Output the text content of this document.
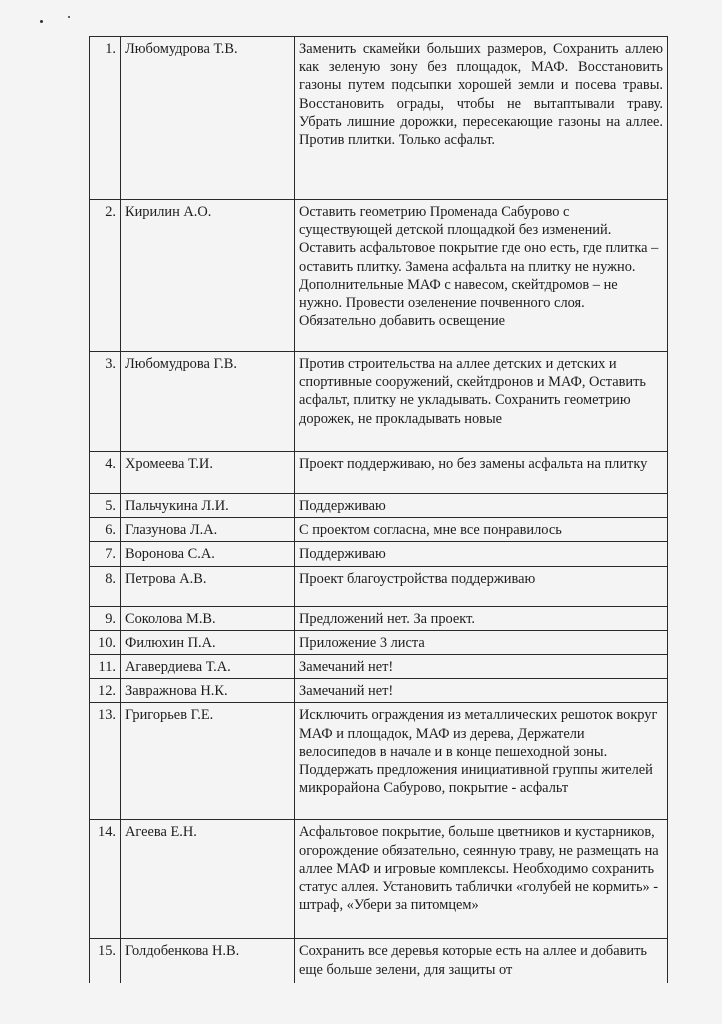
1.	Любомудрова Т.В.	Заменить скамейки больших размеров, Сохранить аллею как зеленую зону без площадок, МАФ. Восстановить газоны путем подсыпки хорошей земли и посева травы. Восстановить ограды, чтобы не вытаптывали траву. Убрать лишние дорожки, пересекающие газоны на аллее. Против плитки. Только асфальт.
2.	Кирилин А.О.	Оставить геометрию Променада Сабурово с существующей детской площадкой без изменений. Оставить асфальтовое покрытие где оно есть, где плитка – оставить плитку. Замена асфальта на плитку не нужно. Дополнительные МАФ с навесом, скейтдромов – не нужно. Провести озеленение почвенного слоя. Обязательно добавить освещение
3.	Любомудрова Г.В.	Против строительства на аллее детских и детских и спортивные сооружений, скейтдронов и МАФ, Оставить асфальт, плитку не укладывать. Сохранить геометрию дорожек, не прокладывать новые
4.	Хромеева Т.И.	Проект поддерживаю, но без замены асфальта на плитку
5.	Пальчукина Л.И.	Поддерживаю
6.	Глазунова Л.А.	С проектом согласна, мне все понравилось
7.	Воронова С.А.	Поддерживаю
8.	Петрова А.В.	Проект благоустройства поддерживаю
9.	Соколова М.В.	Предложений нет. За проект.
10.	Филюхин П.А.	Приложение 3 листа
11.	Агавердиева Т.А.	Замечаний нет!
12.	Завражнова Н.К.	Замечаний нет!
13.	Григорьев Г.Е.	Исключить ограждения из металлических решоток вокруг МАФ и площадок, МАФ из дерева, Держатели велосипедов в начале и в конце пешеходной зоны. Поддержать предложения инициативной группы жителей микрорайона Сабурово, покрытие - асфальт
14.	Агеева Е.Н.	Асфальтовое покрытие, больше цветников и кустарников, огорождение обязательно, сеянную траву, не размещать на аллее МАФ и игровые комплексы. Необходимо сохранить статус аллея. Установить таблички «голубей не кормить» - штраф, «Убери за питомцем»
15.	Голдобенкова Н.В.	Сохранить все деревья которые есть на аллее и добавить еще больше зелени, для защиты от
